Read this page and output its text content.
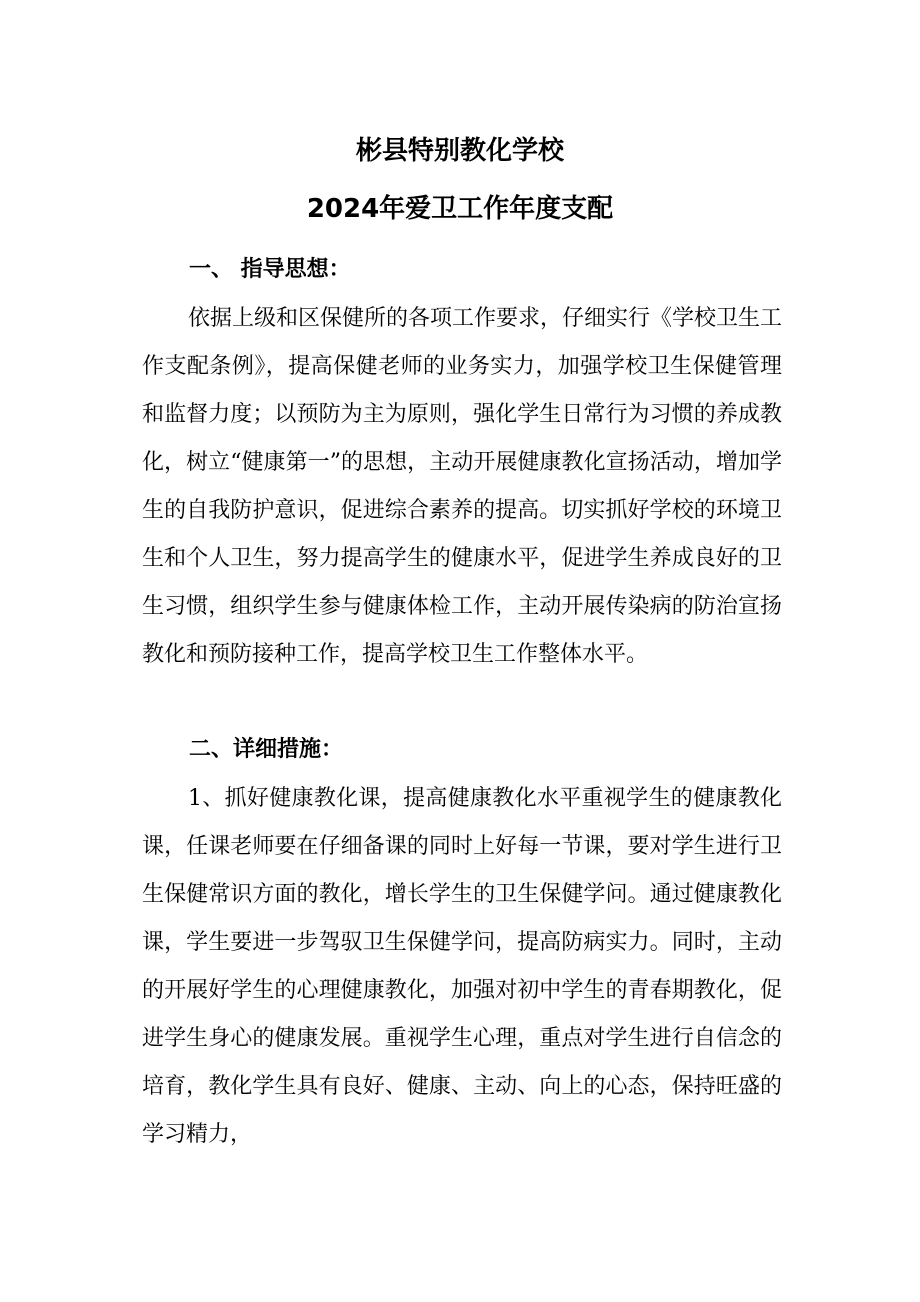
彬县特别教化学校
2024年爱卫工作年度支配
一、 指导思想：

依据上级和区保健所的各项工作要求，仔细实行《学校卫生工作支配条例》，提高保健老师的业务实力，加强学校卫生保健管理和监督力度；以预防为主为原则，强化学生日常行为习惯的养成教化，树立“健康第一”的思想，主动开展健康教化宣扬活动，增加学生的自我防护意识，促进综合素养的提高。切实抓好学校的环境卫生和个人卫生，努力提高学生的健康水平，促进学生养成良好的卫生习惯，组织学生参与健康体检工作，主动开展传染病的防治宣扬教化和预防接种工作，提高学校卫生工作整体水平。

二、详细措施：

1、抓好健康教化课，提高健康教化水平重视学生的健康教化课，任课老师要在仔细备课的同时上好每一节课，要对学生进行卫生保健常识方面的教化，增长学生的卫生保健学问。通过健康教化课，学生要进一步驾驭卫生保健学问，提高防病实力。同时，主动的开展好学生的心理健康教化，加强对初中学生的青春期教化，促进学生身心的健康发展。重视学生心理，重点对学生进行自信念的培育，教化学生具有良好、健康、主动、向上的心态，保持旺盛的学习精力，
